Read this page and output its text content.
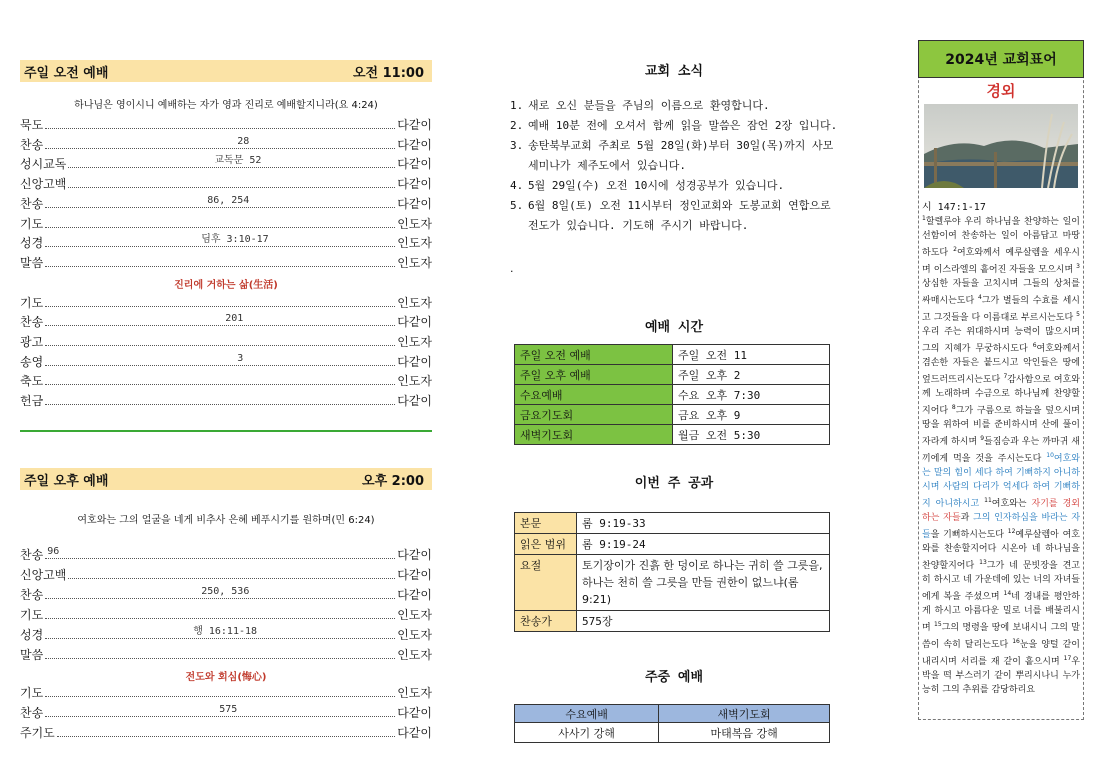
주일 오전 예배	오전 11:00
하나님은 영이시니 예배하는 자가 영과 진리로 예배할지니라(요 4:24)
묵도	다같이
찬송	28	다같이
성시교독	교독문 52	다같이
신앙고백	다같이
찬송	86, 254	다같이
기도	인도자
성경	딤후 3:10-17	인도자
말씀	인도자
기도	인도자
찬송	201	다같이
광고	인도자
송영	3	다같이
축도	인도자
헌금	다같이
진리에 거하는 삶(生活)
주일 오후 예배	오후 2:00
여호와는 그의 얼굴을 네게 비추사 은혜 베푸시기를 원하며(민 6:24)
찬송 96	다같이
신앙고백	다같이
찬송	250, 536	다같이
기도	인도자
성경	행 16:11-18	인도자
말씀	인도자
기도	인도자
찬송	575	다같이
주기도	다같이
전도와 회심(悔心)
교회 소식
1. 새로 오신 분들을 주님의 이름으로 환영합니다.
2. 예배 10분 전에 오셔서 함께 읽을 말씀은 잠언 2장 입니다.
3. 송탄북부교회 주최로 5월 28일(화)부터 30일(목)까지 사모 세미나가 제주도에서 있습니다.
4. 5월 29일(수) 오전 10시에 성경공부가 있습니다.
5. 6월 8일(토) 오전 11시부터 정인교회와 도봉교회 연합으로 전도가 있습니다. 기도해 주시기 바랍니다.
.
예배 시간
주일 오전 예배	주일 오전 11
주일 오후 예배	주일 오후 2
수요예배	수요 오후 7:30
금요기도회	금요 오후 9
새벽기도회	월금 오전 5:30
이번 주 공과
본문	롬 9:19-33
읽은 범위	롬 9:19-24
요절	토기장이가 진흙 한 덩이로 하나는 귀히 쓸 그릇을, 하나는 천히 쓸 그릇을 만들 권한이 없느냐(롬 9:21)
찬송가	575장
주중 예배
수요예배	새벽기도회
사사기 강해	마태복음 강해
2024년 교회표어
경외
시 147:1-17
$^1$할렐루야 우리 하나님을 찬양하는 일이 선함이여 찬송하는 일이 아름답고 마땅하도다 $^2$여호와께서 예루살렘을 세우시며 이스라엘의 흩어진 자들을 모으시며 $^3$상심한 자들을 고치시며 그들의 상처를 싸매시는도다 $^4$그가 별들의 수효를 세시고 그것들을 다 이름대로 부르시는도다 $^5$우리 주는 위대하시며 능력이 많으시며 그의 지혜가 무궁하시도다 $^6$여호와께서 겸손한 자들은 붙드시고 악인들은 땅에 엎드러뜨리시는도다 $^7$감사함으로 여호와께 노래하며 수금으로 하나님께 찬양할지어다 $^8$그가 구름으로 하늘을 덮으시며 땅을 위하여 비를 준비하시며 산에 풀이 자라게 하시며 $^9$들짐승과 우는 까마귀 새끼에게 먹을 것을 주시는도다 $^{10}$여호와는 말의 힘이 세다 하여 기뻐하지 아니하시며 사람의 다리가 억세다 하여 기뻐하지 아니하시고 $^{11}$여호와는 자기를 경외하는 자들과 그의 인자하심을 바라는 자들을 기뻐하시는도다 $^{12}$예루살렘아 여호와를 찬송할지어다 시온아 네 하나님을 찬양할지어다 $^{13}$그가 네 문빗장을 견고히 하시고 네 가운데에 있는 너의 자녀들에게 복을 주셨으며 $^{14}$네 경내를 평안하게 하시고 아름다운 밀로 너를 배불리시며 $^{15}$그의 명령을 땅에 보내시니 그의 말씀이 속히 달리는도다 $^{16}$눈을 양털 같이 내리시며 서리를 재 같이 흩으시며 $^{17}$우박을 떡 부스러기 같이 뿌리시나니 누가 능히 그의 추위를 감당하리요
